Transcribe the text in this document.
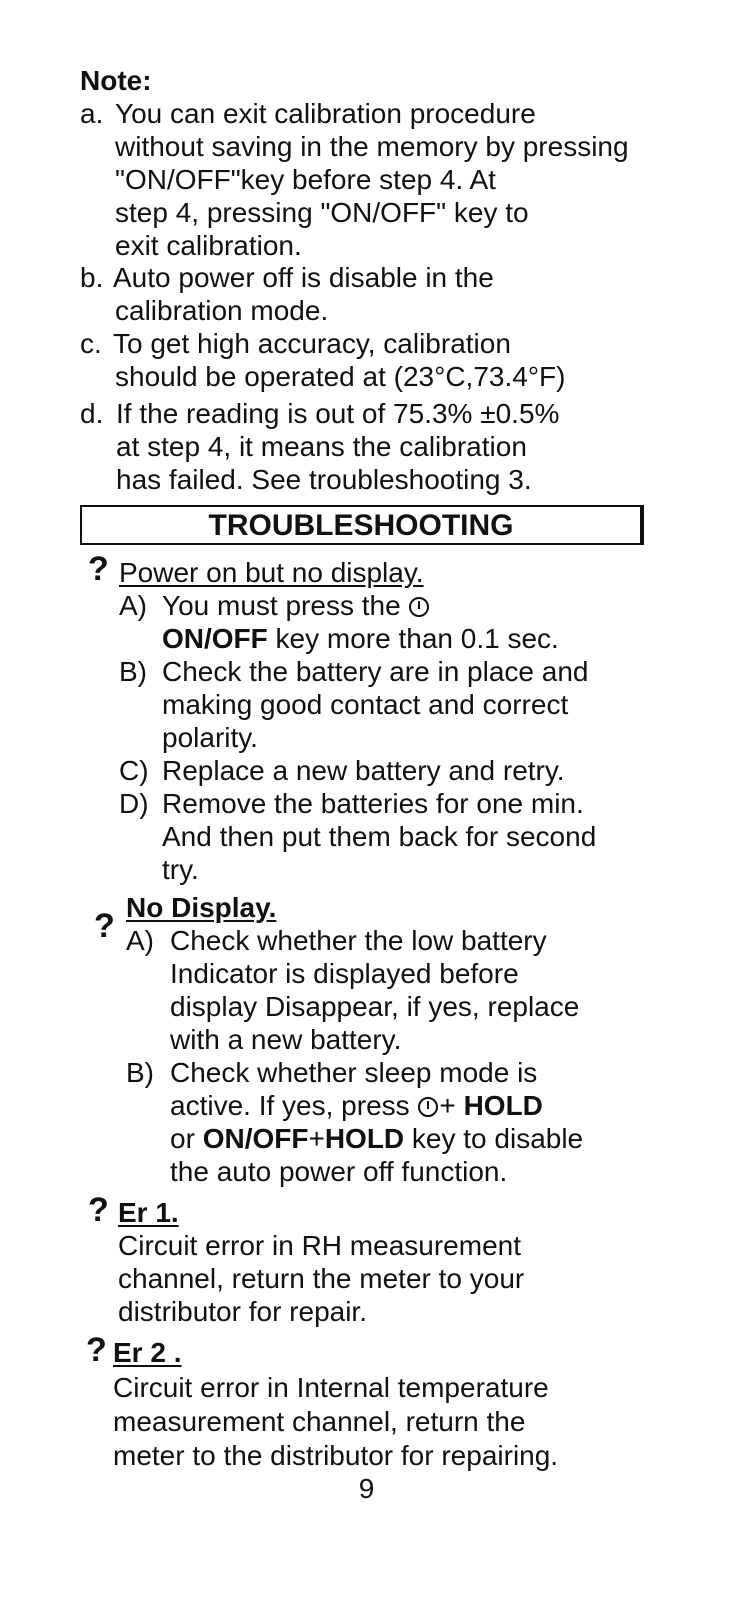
Note:
a. You can exit calibration procedure
without saving in the memory by pressing
"ON/OFF"key before step 4. At
step 4, pressing "ON/OFF" key to
exit calibration.
b. Auto power off is disable in the
calibration mode.
c. To get high accuracy, calibration
should be operated at (23°C,73.4°F)
d. If the reading is out of 75.3% ±0.5%
at step 4, it means the calibration
has failed. See troubleshooting 3.
TROUBLESHOOTING
? Power on but no display.
A) You must press the
ON/OFF key more than 0.1 sec.
B) Check the battery are in place and
making good contact and correct
polarity.
C) Replace a new battery and retry.
D) Remove the batteries for one min.
And then put them back for second
try.
? No Display.
A) Check whether the low battery
Indicator is displayed before
display Disappear, if yes, replace
with a new battery.
B) Check whether sleep mode is
active. If yes, press + HOLD
or ON/OFF+HOLD key to disable
the auto power off function.
? Er 1.
Circuit error in RH measurement
channel, return the meter to your
distributor for repair.
? Er 2 .
Circuit error in Internal temperature
measurement channel, return the
meter to the distributor for repairing.
9
